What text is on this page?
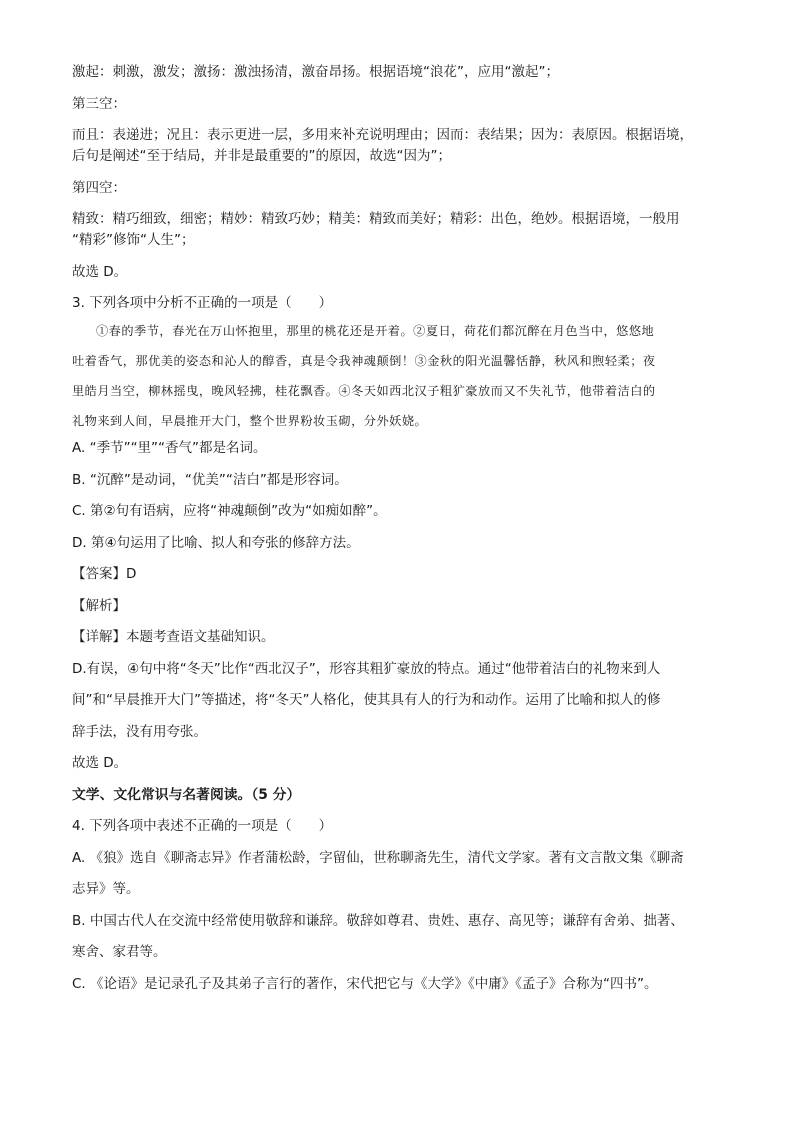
激起：刺激，激发；激扬：激浊扬清，激奋昂扬。根据语境“浪花”，应用“激起”；

第三空：

而且：表递进；况且：表示更进一层，多用来补充说明理由；因而：表结果；因为：表原因。根据语境，

后句是阐述“至于结局，并非是最重要的”的原因，故选“因为”；

第四空：

精致：精巧细致，细密；精妙：精致巧妙；精美：精致而美好；精彩：出色，绝妙。根据语境，一般用

“精彩”修饰“人生”；

故选 D。

3. 下列各项中分析不正确的一项是（　　）

①春的季节，春光在万山怀抱里，那里的桃花还是开着。②夏日，荷花们都沉醉在月色当中，悠悠地
吐着香气，那优美的姿态和沁人的醇香，真是令我神魂颠倒！③金秋的阳光温馨恬静，秋风和煦轻柔；夜
里皓月当空，柳林摇曳，晚风轻拂，桂花飘香。④冬天如西北汉子粗犷豪放而又不失礼节，他带着洁白的
礼物来到人间，早晨推开大门，整个世界粉妆玉砌，分外妖娆。

A. “季节”“里”“香气”都是名词。

B. “沉醉”是动词，“优美”“洁白”都是形容词。

C. 第②句有语病，应将“神魂颠倒”改为“如痴如醉”。

D. 第④句运用了比喻、拟人和夸张的修辞方法。

【答案】D

【解析】

【详解】本题考查语文基础知识。

D.有误，④句中将“冬天”比作“西北汉子”，形容其粗犷豪放的特点。通过“他带着洁白的礼物来到人

间”和“早晨推开大门”等描述，将“冬天”人格化，使其具有人的行为和动作。运用了比喻和拟人的修

辞手法，没有用夸张。

故选 D。

文学、文化常识与名著阅读。（5 分）

4. 下列各项中表述不正确的一项是（　　）

A. 《狼》选自《聊斋志异》作者蒲松龄，字留仙，世称聊斋先生，清代文学家。著有文言散文集《聊斋

志异》等。

B. 中国古代人在交流中经常使用敬辞和谦辞。敬辞如尊君、贵姓、惠存、高见等；谦辞有舍弟、拙著、

寒舍、家君等。

C. 《论语》是记录孔子及其弟子言行的著作，宋代把它与《大学》《中庸》《孟子》合称为“四书”。
